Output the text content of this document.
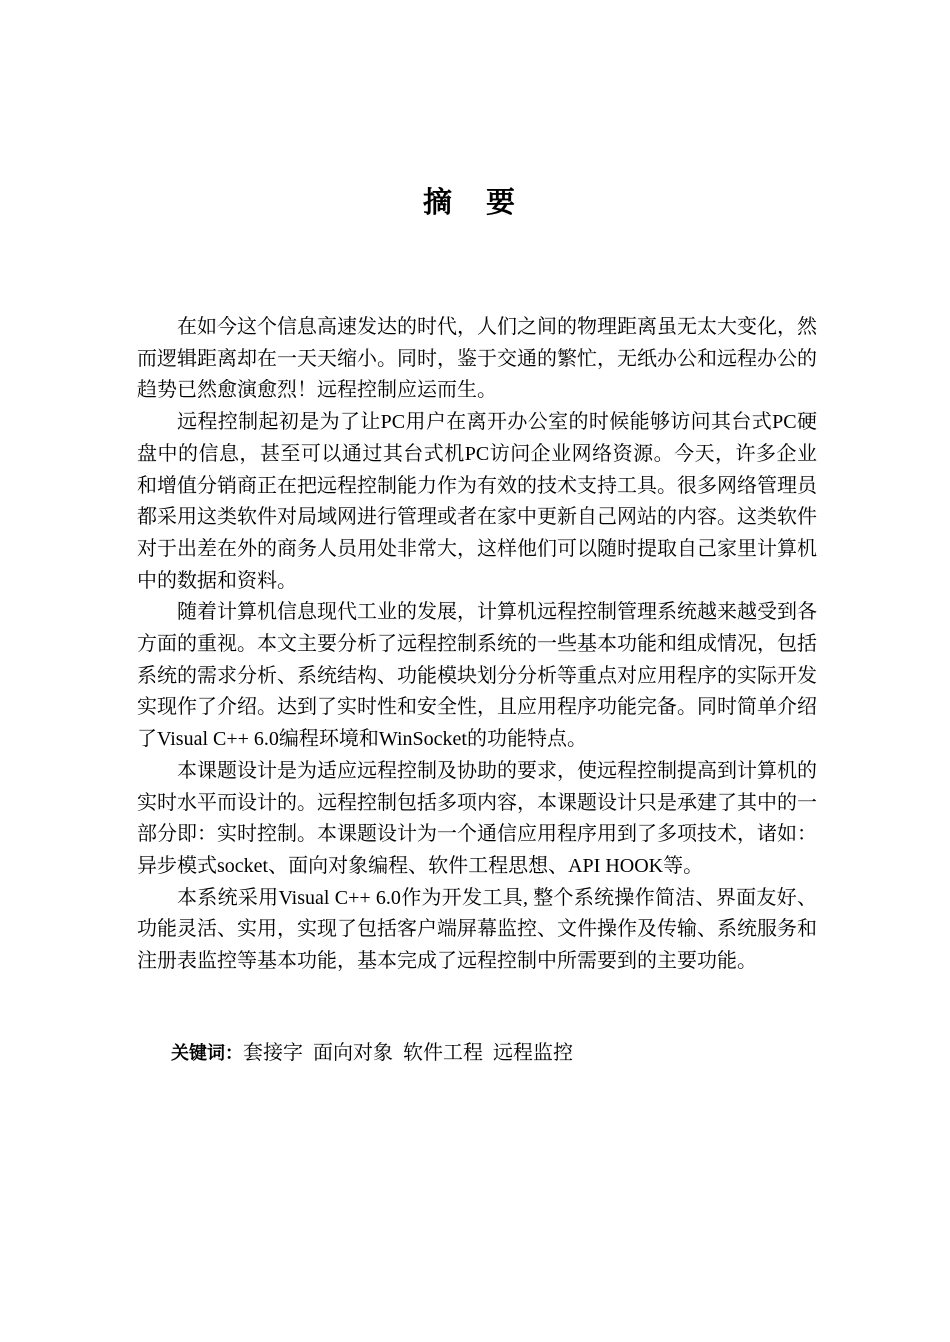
摘 要

在如今这个信息高速发达的时代，人们之间的物理距离虽无太大变化，然而逻辑距离却在一天天缩小。同时，鉴于交通的繁忙，无纸办公和远程办公的趋势已然愈演愈烈！远程控制应运而生。

远程控制起初是为了让PC用户在离开办公室的时候能够访问其台式PC硬盘中的信息，甚至可以通过其台式机PC访问企业网络资源。今天，许多企业和增值分销商正在把远程控制能力作为有效的技术支持工具。很多网络管理员都采用这类软件对局域网进行管理或者在家中更新自己网站的内容。这类软件对于出差在外的商务人员用处非常大，这样他们可以随时提取自己家里计算机中的数据和资料。

随着计算机信息现代工业的发展，计算机远程控制管理系统越来越受到各方面的重视。本文主要分析了远程控制系统的一些基本功能和组成情况，包括系统的需求分析、系统结构、功能模块划分分析等重点对应用程序的实际开发实现作了介绍。达到了实时性和安全性，且应用程序功能完备。同时简单介绍了Visual C++ 6.0编程环境和WinSocket的功能特点。

本课题设计是为适应远程控制及协助的要求，使远程控制提高到计算机的实时水平而设计的。远程控制包括多项内容，本课题设计只是承建了其中的一部分即：实时控制。本课题设计为一个通信应用程序用到了多项技术，诸如：异步模式socket、面向对象编程、软件工程思想、API HOOK等。

本系统采用Visual C++ 6.0作为开发工具, 整个系统操作简洁、界面友好、功能灵活、实用，实现了包括客户端屏幕监控、文件操作及传输、系统服务和注册表监控等基本功能，基本完成了远程控制中所需要到的主要功能。

关键词：套接字 面向对象 软件工程 远程监控
